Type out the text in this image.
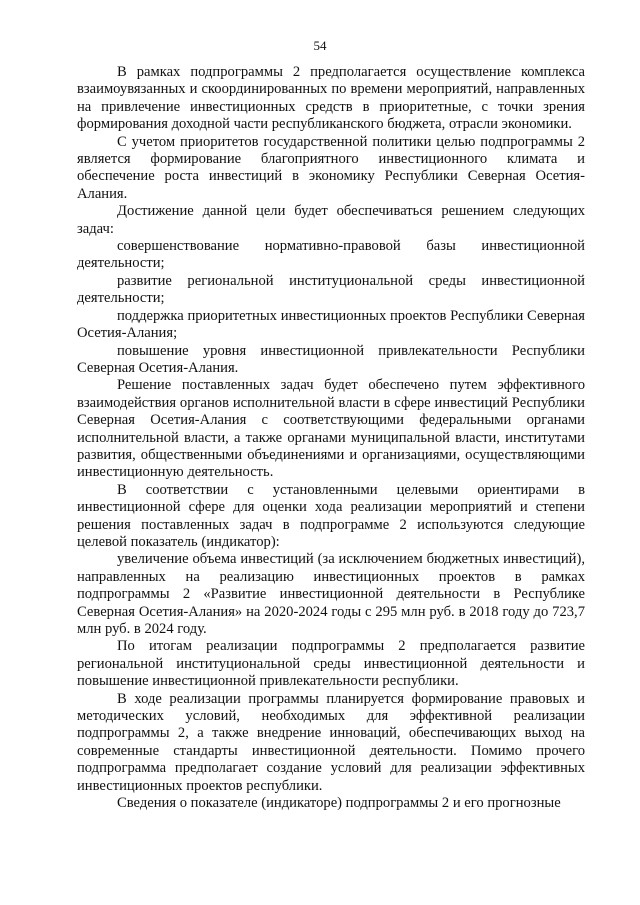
54

В рамках подпрограммы 2 предполагается осуществление комплекса взаимоувязанных и скоординированных по времени мероприятий, направленных на привлечение инвестиционных средств в приоритетные, с точки зрения формирования доходной части республиканского бюджета, отрасли экономики.

С учетом приоритетов государственной политики целью подпрограммы 2 является формирование благоприятного инвестиционного климата и обеспечение роста инвестиций в экономику Республики Северная Осетия-Алания.

Достижение данной цели будет обеспечиваться решением следующих задач:

совершенствование нормативно-правовой базы инвестиционной деятельности;

развитие региональной институциональной среды инвестиционной деятельности;

поддержка приоритетных инвестиционных проектов Республики Северная Осетия-Алания;

повышение уровня инвестиционной привлекательности Республики Северная Осетия-Алания.

Решение поставленных задач будет обеспечено путем эффективного взаимодействия органов исполнительной власти в сфере инвестиций Республики Северная Осетия-Алания с соответствующими федеральными органами исполнительной власти, а также органами муниципальной власти, институтами развития, общественными объединениями и организациями, осуществляющими инвестиционную деятельность.

В соответствии с установленными целевыми ориентирами в инвестиционной сфере для оценки хода реализации мероприятий и степени решения поставленных задач в подпрограмме 2 используются следующие целевой показатель (индикатор):

увеличение объема инвестиций (за исключением бюджетных инвестиций), направленных на реализацию инвестиционных проектов в рамках подпрограммы 2 «Развитие инвестиционной деятельности в Республике Северная Осетия-Алания» на 2020-2024 годы с 295 млн руб. в 2018 году до 723,7 млн руб. в 2024 году.

По итогам реализации подпрограммы 2 предполагается развитие региональной институциональной среды инвестиционной деятельности и повышение инвестиционной привлекательности республики.

В ходе реализации программы планируется формирование правовых и методических условий, необходимых для эффективной реализации подпрограммы 2, а также внедрение инноваций, обеспечивающих выход на современные стандарты инвестиционной деятельности. Помимо прочего подпрограмма предполагает создание условий для реализации эффективных инвестиционных проектов республики.

Сведения о показателе (индикаторе) подпрограммы 2 и его прогнозные
